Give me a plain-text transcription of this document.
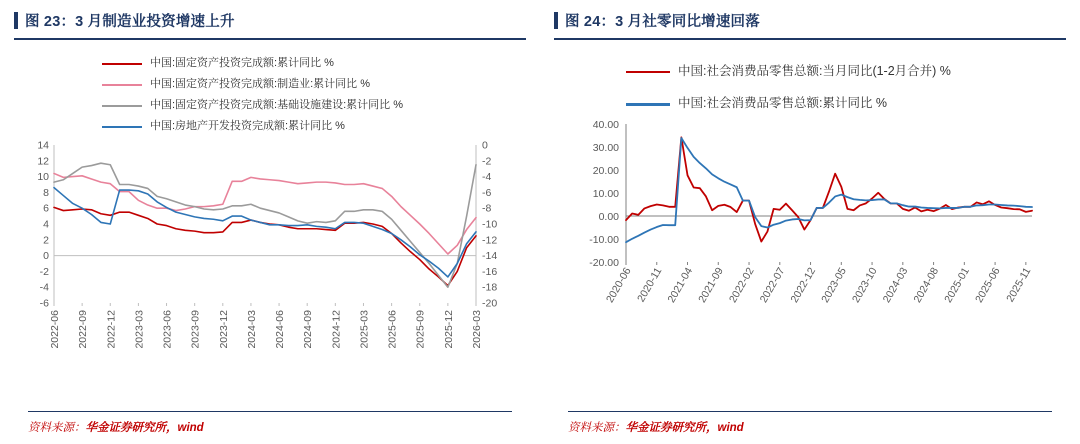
图 23：3 月制造业投资增速上升
中国:固定资产投资完成额:累计同比 %
中国:固定资产投资完成额:制造业:累计同比 %
中国:固定资产投资完成额:基础设施建设:累计同比 %
中国:房地产开发投资完成额:累计同比 %
-6
-4
-2
0
2
4
6
8
10
12
14
-20
-18
-16
-14
-12
-10
-8
-6
-4
-2
0
2022-06 2022-09 2022-12 2023-03 2023-06 2023-09 2023-12 2024-03 2024-06 2024-09 2024-12 2025-03 2025-06 2025-09 2025-12 2026-03
资料来源：华金证券研究所，wind
图 24：3 月社零同比增速回落
中国:社会消费品零售总额:当月同比(1-2月合并) %
中国:社会消费品零售总额:累计同比 %
-20.00
-10.00
0.00
10.00
20.00
30.00
40.00
2020-06 2020-11 2021-04 2021-09 2022-02 2022-07 2022-12 2023-05 2023-10 2024-03 2024-08 2025-01 2025-06 2025-11
资料来源：华金证券研究所，wind
